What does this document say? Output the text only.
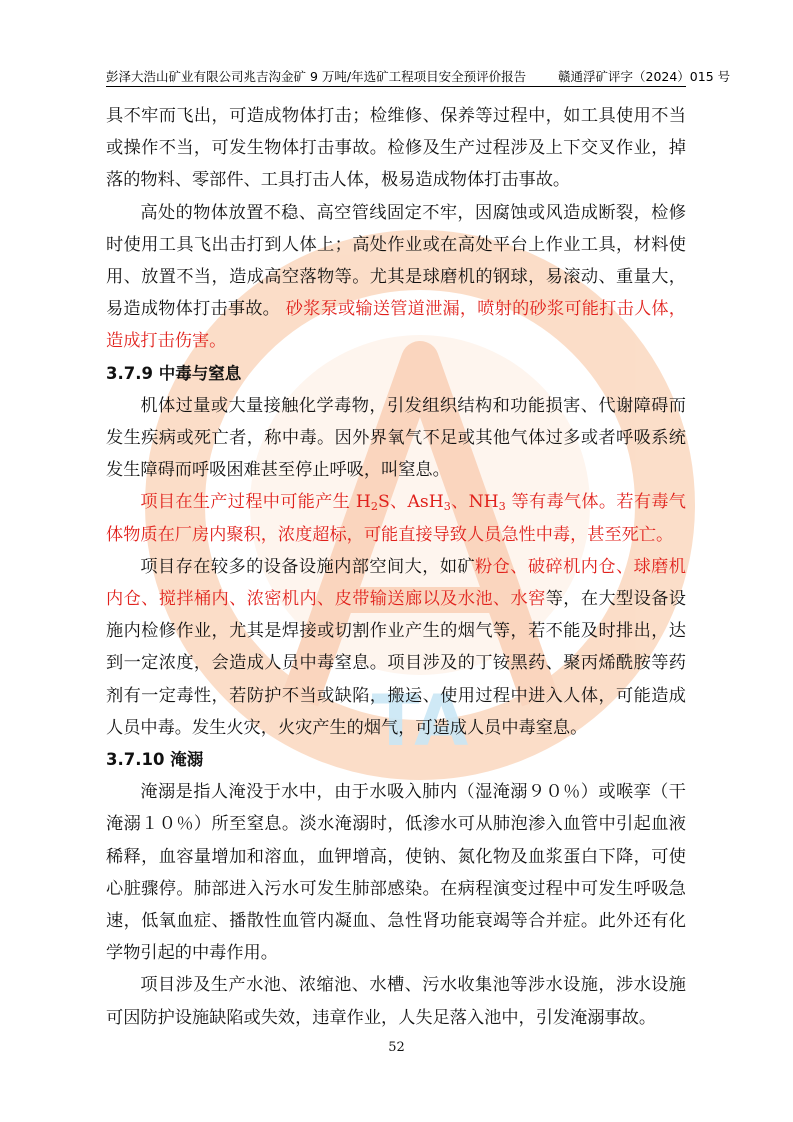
TA
彭泽大浩山矿业有限公司兆吉沟金矿 9 万吨/年选矿工程项目安全预评价报告	赣通浮矿评字（2024）015 号

具不牢而飞出，可造成物体打击；检维修、保养等过程中，如工具使用不当或操作不当，可发生物体打击事故。检修及生产过程涉及上下交叉作业，掉落的物料、零部件、工具打击人体，极易造成物体打击事故。

高处的物体放置不稳、高空管线固定不牢，因腐蚀或风造成断裂，检修时使用工具飞出击打到人体上；高处作业或在高处平台上作业工具，材料使用、放置不当，造成高空落物等。尤其是球磨机的钢球，易滚动、重量大，易造成物体打击事故。 砂浆泵或输送管道泄漏，喷射的砂浆可能打击人体，造成打击伤害。

3.7.9 中毒与窒息

机体过量或大量接触化学毒物，引发组织结构和功能损害、代谢障碍而发生疾病或死亡者，称中毒。因外界氧气不足或其他气体过多或者呼吸系统发生障碍而呼吸困难甚至停止呼吸，叫窒息。

项目在生产过程中可能产生 $H_2S$、AsH$_3$、$NH_3$ 等有毒气体。若有毒气体物质在厂房内聚积，浓度超标，可能直接导致人员急性中毒，甚至死亡。

项目存在较多的设备设施内部空间大，如矿粉仓、破碎机内仓、球磨机内仓、搅拌桶内、浓密机内、皮带输送廊以及水池、水窖等，在大型设备设施内检修作业，尤其是焊接或切割作业产生的烟气等，若不能及时排出，达到一定浓度，会造成人员中毒窒息。项目涉及的丁铵黑药、聚丙烯酰胺等药剂有一定毒性，若防护不当或缺陷，搬运、使用过程中进入人体，可能造成人员中毒。发生火灾，火灾产生的烟气，可造成人员中毒窒息。

3.7.10 淹溺

淹溺是指人淹没于水中，由于水吸入肺内（湿淹溺９０％）或喉挛（干淹溺１０％）所至窒息。淡水淹溺时，低渗水可从肺泡渗入血管中引起血液稀释，血容量增加和溶血，血钾增高，使钠、氮化物及血浆蛋白下降，可使心脏骤停。肺部进入污水可发生肺部感染。在病程演变过程中可发生呼吸急速，低氧血症、播散性血管内凝血、急性肾功能衰竭等合并症。此外还有化学物引起的中毒作用。

项目涉及生产水池、浓缩池、水槽、污水收集池等涉水设施，涉水设施可因防护设施缺陷或失效，违章作业，人失足落入池中，引发淹溺事故。

52
